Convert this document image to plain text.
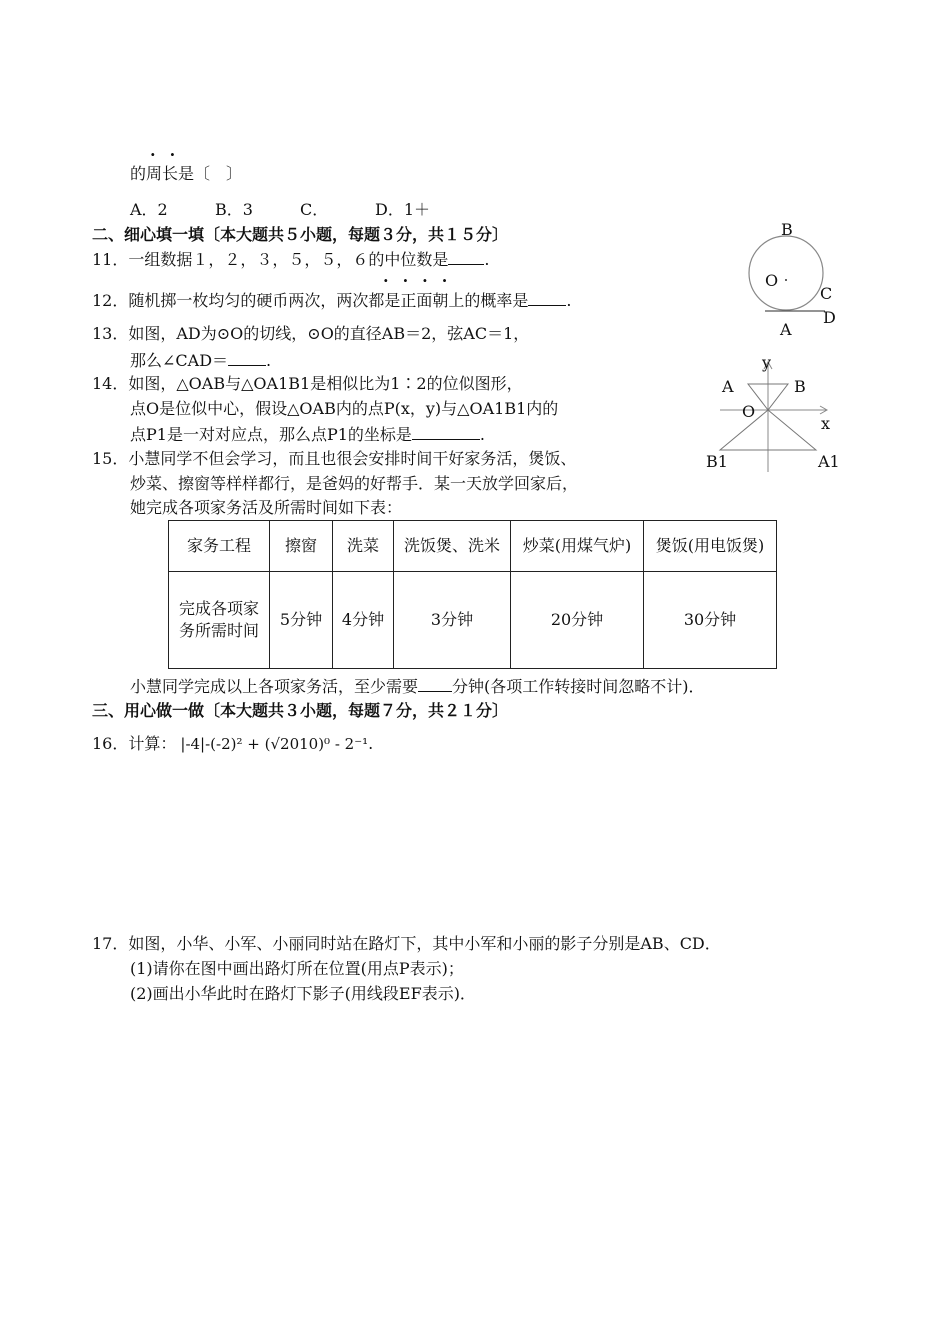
··
的周长是〔　〕
A．2	B．3	C．	D．1＋
二、细心填一填〔本大题共５小题，每题３分，共１５分〕
11．一组数据１，２，３，５，５，６的中位数是 .
····
12．随机掷一枚均匀的硬币两次，两次都是正面朝上的概率是 .
13．如图，AD为⊙O的切线，⊙O的直径AB＝2，弦AC＝1，
那么∠CAD＝ .
14．如图，△OAB与△OA1B1是相似比为1∶2的位似图形，
点O是位似中心，假设△OAB内的点P(x，y)与△OA1B1内的
点P1是一对对应点，那么点P1的坐标是	.
15．小慧同学不但会学习，而且也很会安排时间干好家务活，煲饭、
炒菜、擦窗等样样都行，是爸妈的好帮手．某一天放学回家后，
她完成各项家务活及所需时间如下表：
家务工程	擦窗	洗菜	洗饭煲、洗米	炒菜(用煤气炉)	煲饭(用电饭煲)
完成各项家务所需时间	5分钟	4分钟	3分钟	20分钟	30分钟
小慧同学完成以上各项家务活，至少需要 分钟(各项工作转接时间忽略不计)．
三、用心做一做〔本大题共３小题，每题７分，共２１分〕
16．计算： |-4|-(-2)² + (√2010)⁰ - 2⁻¹.
17．如图，小华、小军、小丽同时站在路灯下，其中小军和小丽的影子分别是AB、CD．
(1)请你在图中画出路灯所在位置(用点P表示)；
(2)画出小华此时在路灯下影子(用线段EF表示)．
B
O
C
D
A
y
A	B
O
x
B1	A1
